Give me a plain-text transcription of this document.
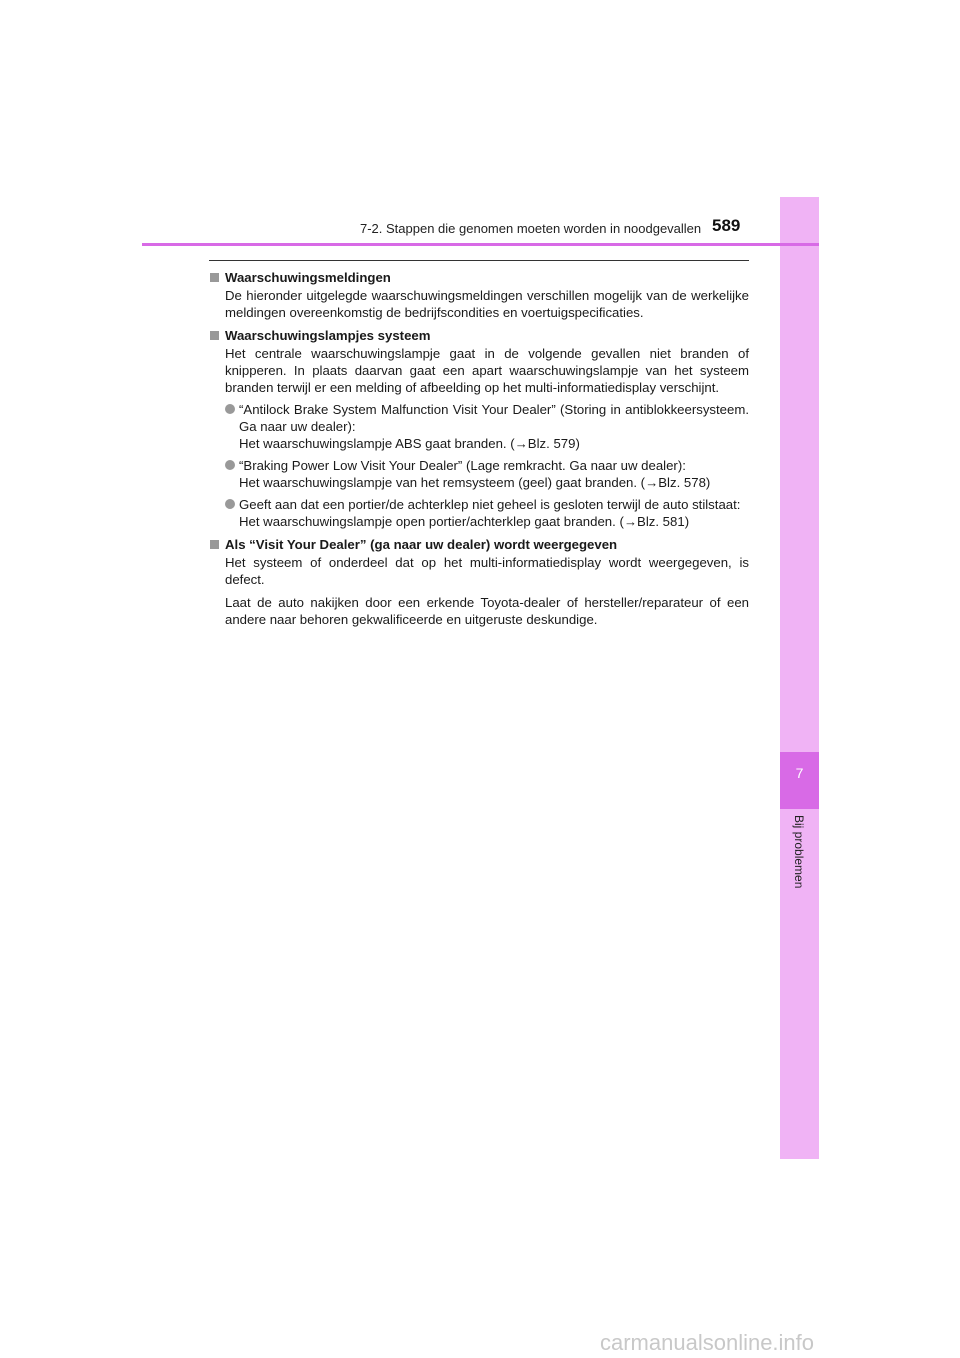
7
Bij problemen
7-2. Stappen die genomen moeten worden in noodgevallen 589
Waarschuwingsmeldingen
De hieronder uitgelegde waarschuwingsmeldingen verschillen mogelijk van de werkelijke meldingen overeenkomstig de bedrijfscondities en voertuigspecificaties.
Waarschuwingslampjes systeem
Het centrale waarschuwingslampje gaat in de volgende gevallen niet branden of knipperen. In plaats daarvan gaat een apart waarschuwingslampje van het systeem branden terwijl er een melding of afbeelding op het multi-informatiedisplay verschijnt.
“Antilock Brake System Malfunction Visit Your Dealer” (Storing in antiblokkeersysteem. Ga naar uw dealer):
Het waarschuwingslampje ABS gaat branden. (→Blz. 579)
“Braking Power Low Visit Your Dealer” (Lage remkracht. Ga naar uw dealer):
Het waarschuwingslampje van het remsysteem (geel) gaat branden. (→Blz. 578)
Geeft aan dat een portier/de achterklep niet geheel is gesloten terwijl de auto stilstaat:
Het waarschuwingslampje open portier/achterklep gaat branden. (→Blz. 581)
Als “Visit Your Dealer” (ga naar uw dealer) wordt weergegeven
Het systeem of onderdeel dat op het multi-informatiedisplay wordt weergegeven, is defect.
Laat de auto nakijken door een erkende Toyota-dealer of hersteller/reparateur of een andere naar behoren gekwalificeerde en uitgeruste deskundige.
carmanualsonline.info
